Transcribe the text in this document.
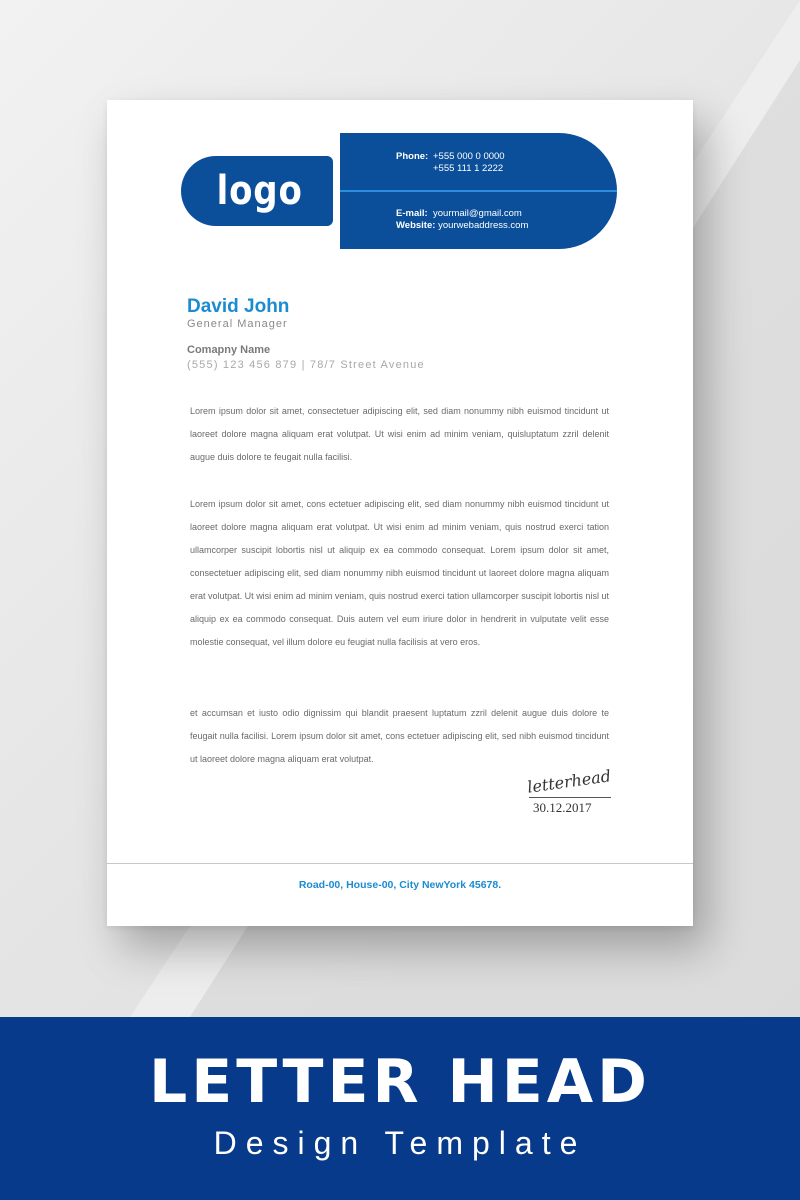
logo
Phone: +555 000 0 0000
+555 111 1 2222
E-mail: yourmail@gmail.com
Website: yourwebaddress.com
David John
General Manager
Comapny Name
(555) 123 456 879 | 78/7 Street Avenue

Lorem ipsum dolor sit amet, consectetuer adipiscing elit, sed diam nonummy nibh euismod tincidunt ut laoreet dolore magna aliquam erat volutpat. Ut wisi enim ad minim veniam, quisluptatum zzril delenit augue duis dolore te feugait nulla facilisi.

Lorem ipsum dolor sit amet, cons ectetuer adipiscing elit, sed diam nonummy nibh euismod tincidunt ut laoreet dolore magna aliquam erat volutpat. Ut wisi enim ad minim veniam, quis nostrud exerci tation ullamcorper suscipit lobortis nisl ut aliquip ex ea commodo consequat. Lorem ipsum dolor sit amet, consectetuer adipiscing elit, sed diam nonummy nibh euismod tincidunt ut laoreet dolore magna aliquam erat volutpat. Ut wisi enim ad minim veniam, quis nostrud exerci tation ullamcorper suscipit lobortis nisl ut aliquip ex ea commodo consequat. Duis autem vel eum iriure dolor in hendrerit in vulputate velit esse molestie consequat, vel illum dolore eu feugiat nulla facilisis at vero eros.

et accumsan et iusto odio dignissim qui blandit praesent luptatum zzril delenit augue duis dolore te feugait nulla facilisi. Lorem ipsum dolor sit amet, cons ectetuer adipiscing elit, sed nibh euismod tincidunt ut laoreet dolore magna aliquam erat volutpat.

letterhead
30.12.2017
Road-00, House-00, City NewYork 45678.
LETTER HEAD
Design Template
